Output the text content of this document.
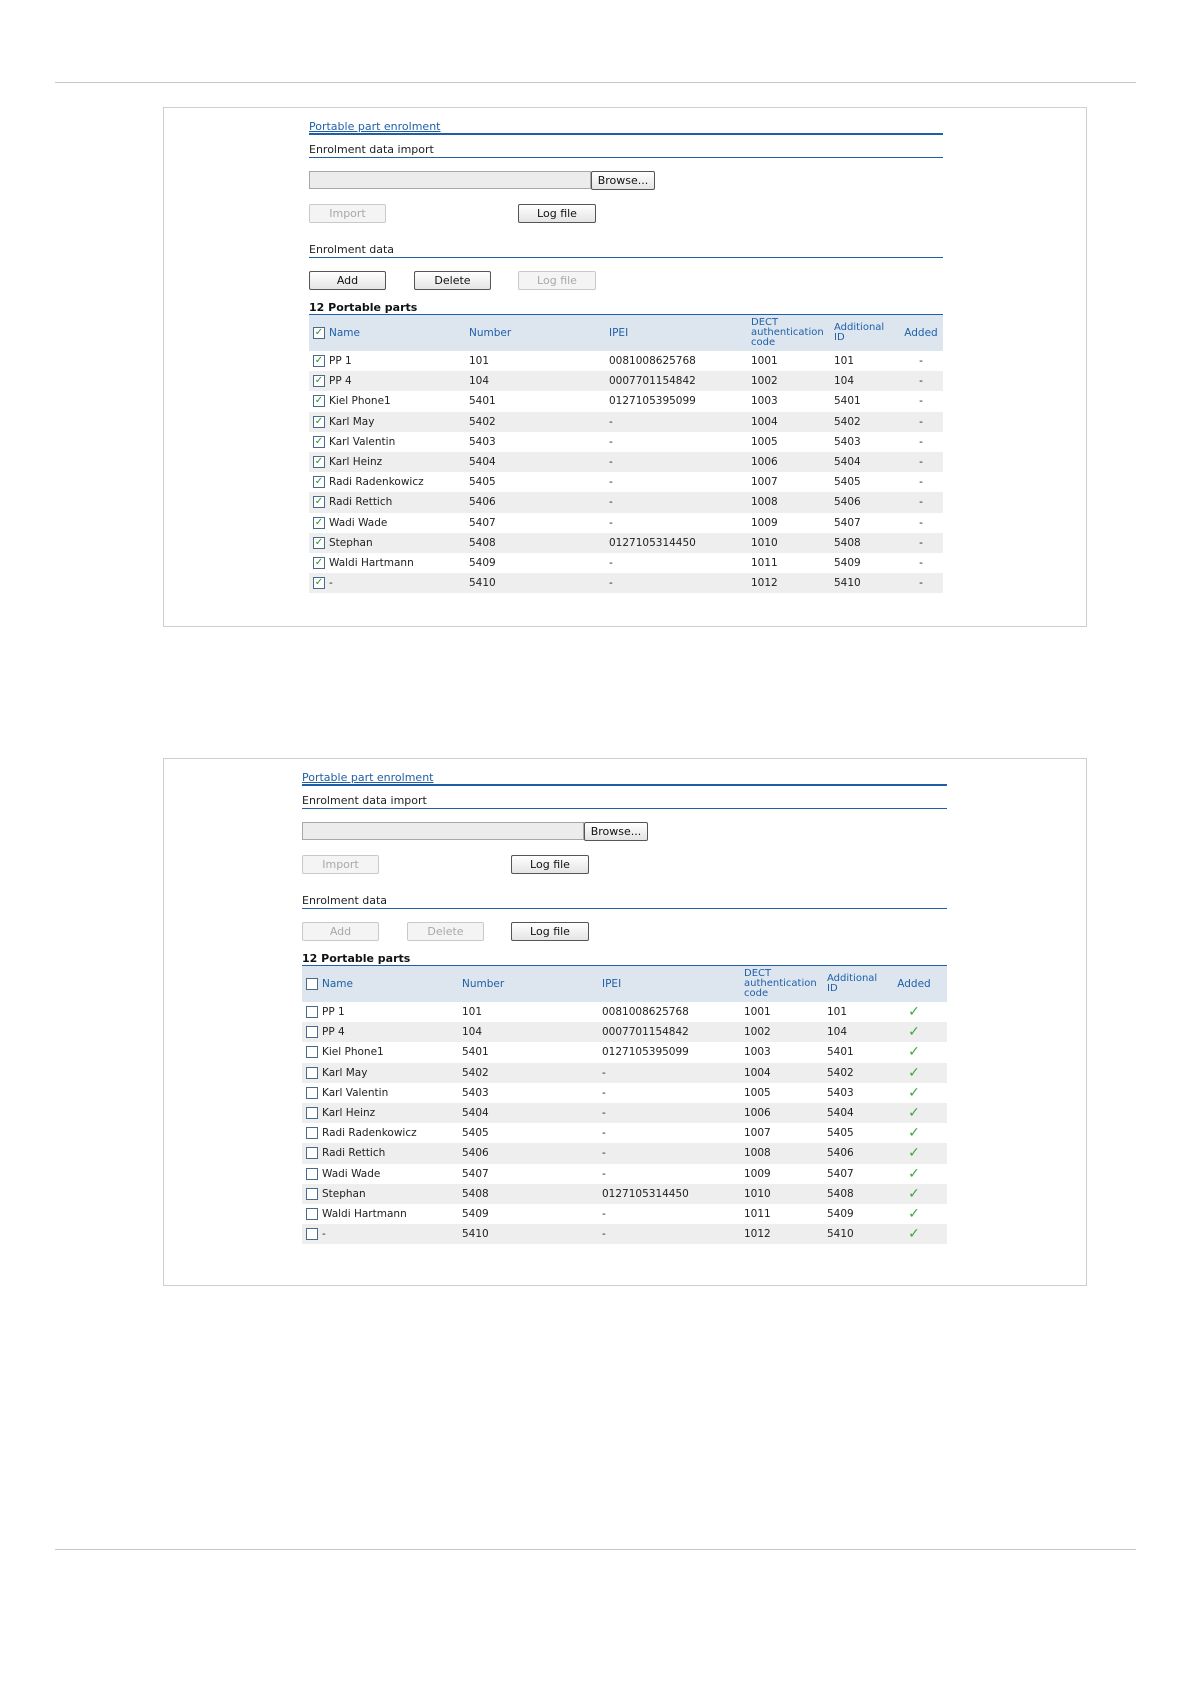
Portable part enrolment
Enrolment data import
Browse...
Import	Log file
Enrolment data
Add	Delete	Log file
12 Portable parts
✓ Name	Number	IPEI
DECT
authentication
code
Additional
ID	Added
✓ PP 1	101	0081008625768	1001	101	-
✓ PP 4	104	0007701154842	1002	104	-
✓ Kiel Phone1	5401	0127105395099	1003	5401	-
✓ Karl May	5402	-	1004	5402	-
✓ Karl Valentin	5403	-	1005	5403	-
✓ Karl Heinz	5404	-	1006	5404	-
✓ Radi Radenkowicz	5405	-	1007	5405	-
✓ Radi Rettich	5406	-	1008	5406	-
✓ Wadi Wade	5407	-	1009	5407	-
✓ Stephan	5408	0127105314450	1010	5408	-
✓ Waldi Hartmann	5409	-	1011	5409	-
✓ -	5410	-	1012	5410	-
Portable part enrolment
Enrolment data import
Browse...
Import	Log file
Enrolment data
Add	Delete	Log file
12 Portable parts
Name	Number	IPEI
DECT
authentication
code
Additional
ID	Added
PP 1	101	0081008625768	1001	101	✓
PP 4	104	0007701154842	1002	104	✓
Kiel Phone1	5401	0127105395099	1003	5401	✓
Karl May	5402	-	1004	5402	✓
Karl Valentin	5403	-	1005	5403	✓
Karl Heinz	5404	-	1006	5404	✓
Radi Radenkowicz	5405	-	1007	5405	✓
Radi Rettich	5406	-	1008	5406	✓
Wadi Wade	5407	-	1009	5407	✓
Stephan	5408	0127105314450	1010	5408	✓
Waldi Hartmann	5409	-	1011	5409	✓
-	5410	-	1012	5410	✓
